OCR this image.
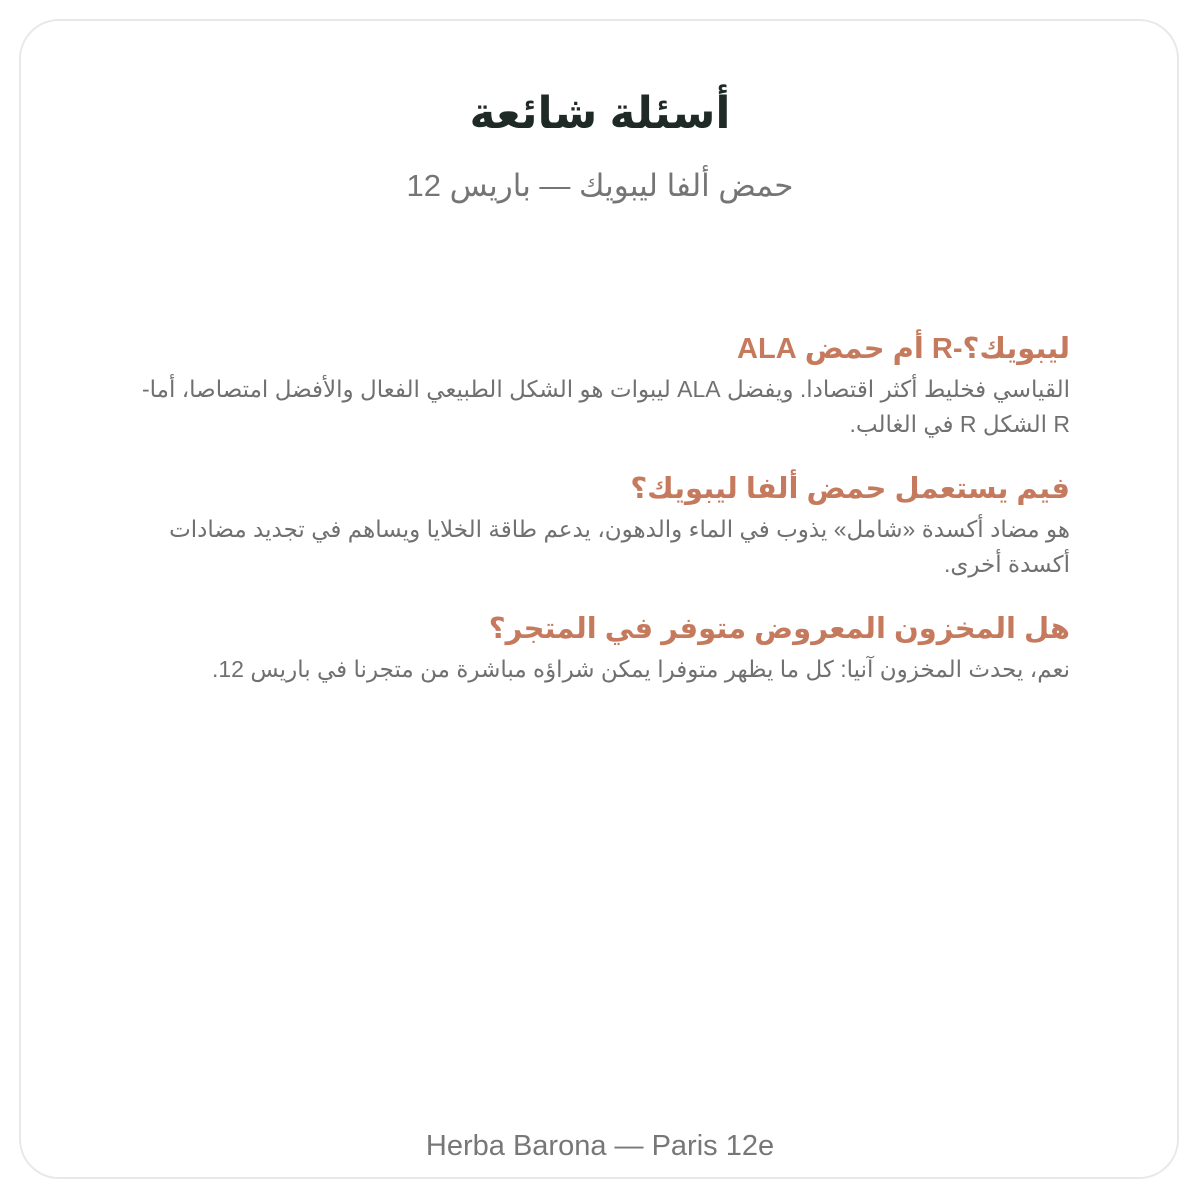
أسئلة شائعة
حمض ألفا ليبويك — باريس 12
ليبويك؟-R أم حمض ALA

القياسي فخليط أكثر اقتصادا. ويفضل ALA ليبوات هو الشكل الطبيعي الفعال والأفضل امتصاصا، أما-R الشكل R في الغالب.

فيم يستعمل حمض ألفا ليبويك؟

هو مضاد أكسدة «شامل» يذوب في الماء والدهون، يدعم طاقة الخلايا ويساهم في تجديد مضادات أكسدة أخرى.

هل المخزون المعروض متوفر في المتجر؟

نعم، يحدث المخزون آنيا: كل ما يظهر متوفرا يمكن شراؤه مباشرة من متجرنا في باريس 12.

Herba Barona — Paris 12e
